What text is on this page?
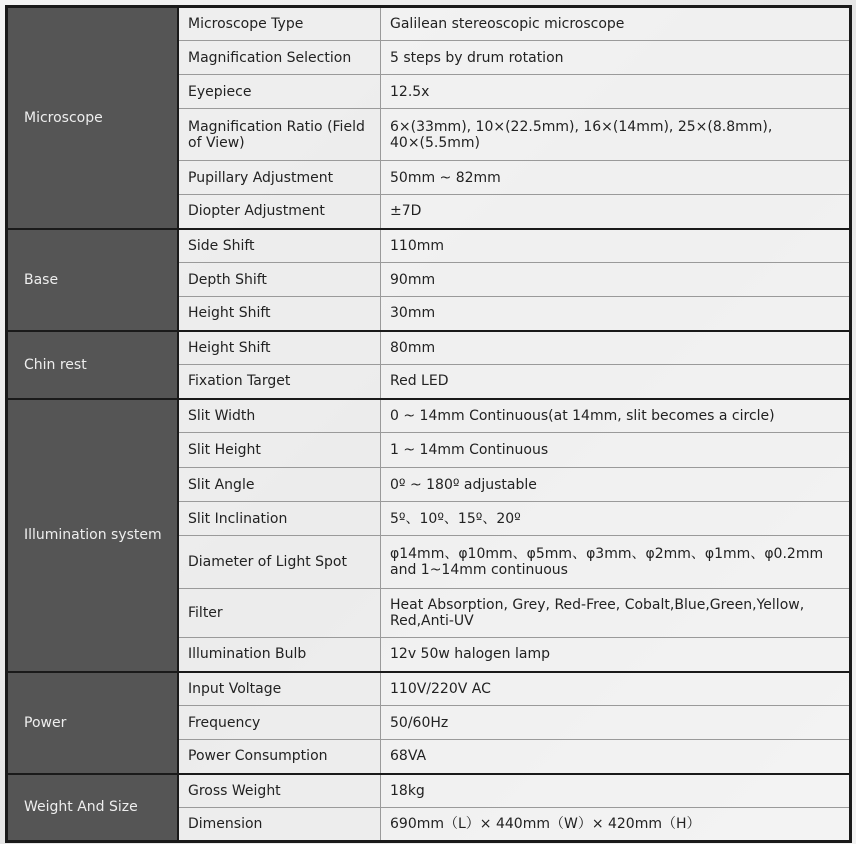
Microscope	Microscope Type	Galilean stereoscopic microscope
	Magnification Selection	5 steps by drum rotation
	Eyepiece	12.5x
	Magnification Ratio (Field of View)	6×(33mm), 10×(22.5mm), 16×(14mm), 25×(8.8mm), 40×(5.5mm)
	Pupillary Adjustment	50mm ~ 82mm
	Diopter Adjustment	±7D
Base	Side Shift	110mm
	Depth Shift	90mm
	Height Shift	30mm
Chin rest	Height Shift	80mm
	Fixation Target	Red LED
Illumination system	Slit Width	0 ~ 14mm Continuous(at 14mm, slit becomes a circle)
	Slit Height	1 ~ 14mm Continuous
	Slit Angle	0º ~ 180º adjustable
	Slit Inclination	5º、10º、15º、20º
	Diameter of Light Spot	φ14mm、φ10mm、φ5mm、φ3mm、φ2mm、φ1mm、φ0.2mm and 1~14mm continuous
	Filter	Heat Absorption, Grey, Red-Free, Cobalt,Blue,Green,Yellow, Red,Anti-UV
	Illumination Bulb	12v 50w halogen lamp
Power	Input Voltage	110V/220V AC
	Frequency	50/60Hz
	Power Consumption	68VA
Weight And Size	Gross Weight	18kg
	Dimension	690mm（L）× 440mm（W）× 420mm（H）
